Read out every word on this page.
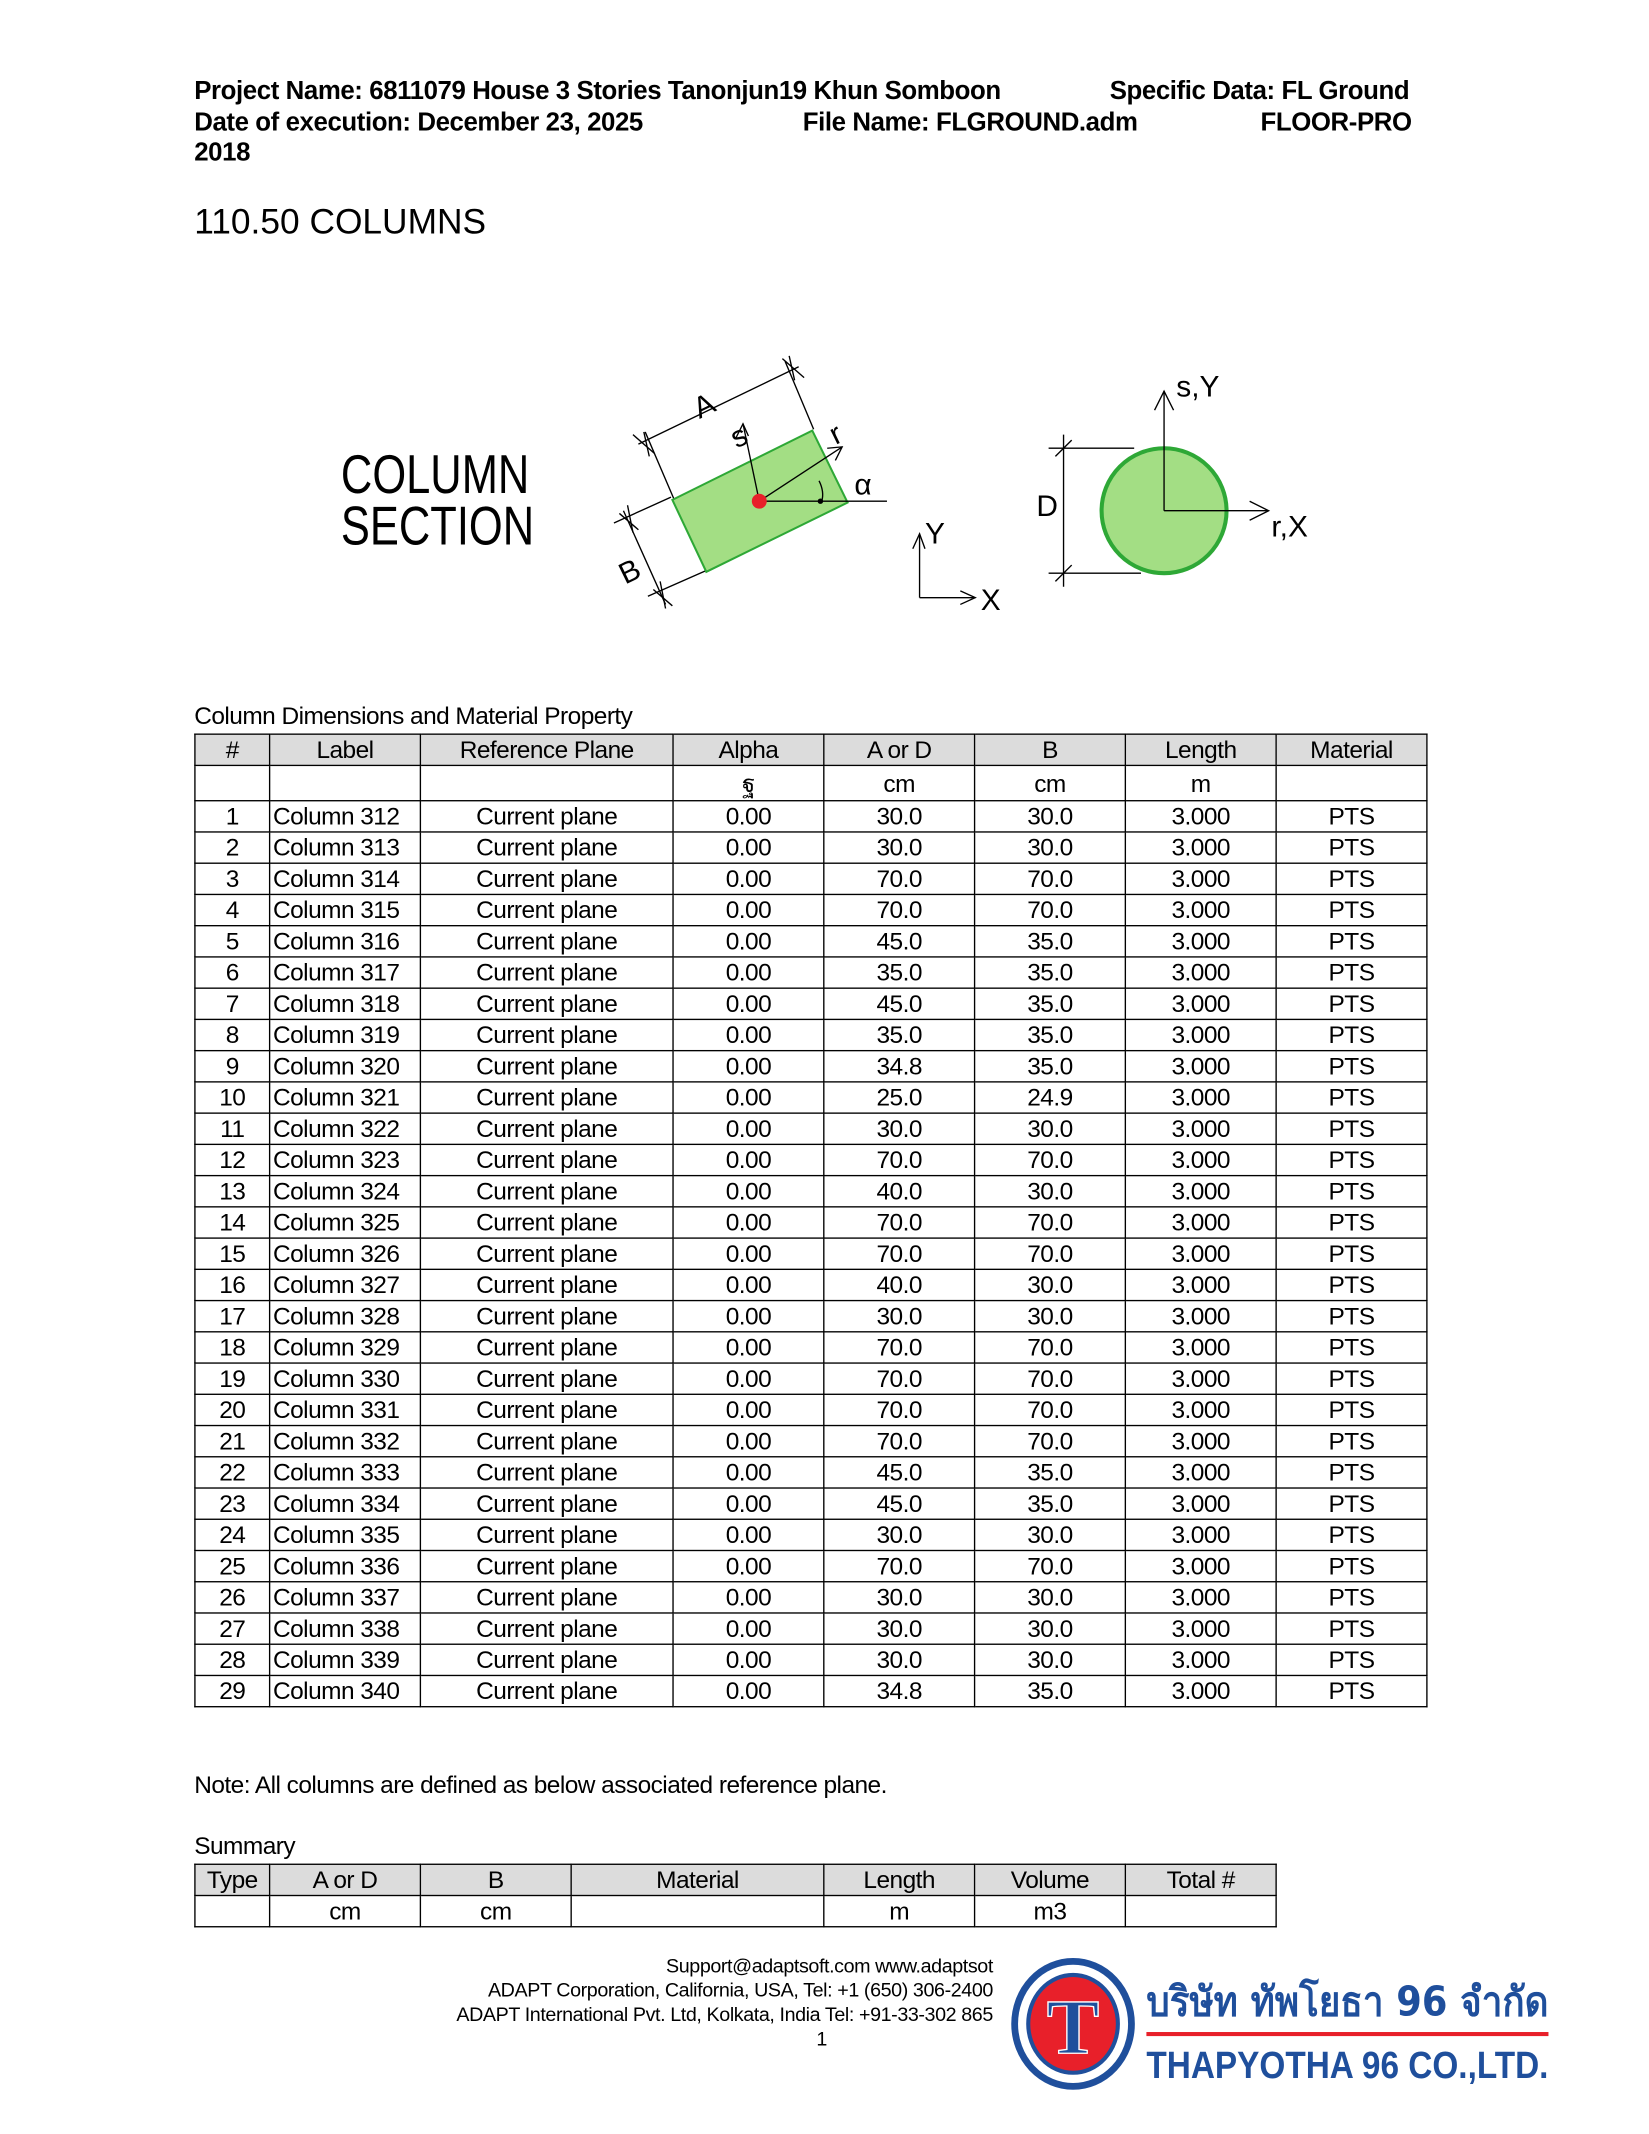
Project Name: 6811079 House 3 Stories Tanonjun19 Khun Somboon	Specific Data: FL Ground
Date of execution: December 23, 2025	File Name: FLGROUND.adm	FLOOR-PRO
2018
110.50 COLUMNS
COLUMN
SECTION
A
B
s	r
α
Y
X
s,Y
r,X
D
Column Dimensions and Material Property
#	Label	Reference Plane	Alpha	A or D	B	Length	Material
			ฐ	cm	cm	m	
1	Column 312	Current plane	0.00	30.0	30.0	3.000	PTS
2	Column 313	Current plane	0.00	30.0	30.0	3.000	PTS
3	Column 314	Current plane	0.00	70.0	70.0	3.000	PTS
4	Column 315	Current plane	0.00	70.0	70.0	3.000	PTS
5	Column 316	Current plane	0.00	45.0	35.0	3.000	PTS
6	Column 317	Current plane	0.00	35.0	35.0	3.000	PTS
7	Column 318	Current plane	0.00	45.0	35.0	3.000	PTS
8	Column 319	Current plane	0.00	35.0	35.0	3.000	PTS
9	Column 320	Current plane	0.00	34.8	35.0	3.000	PTS
10	Column 321	Current plane	0.00	25.0	24.9	3.000	PTS
11	Column 322	Current plane	0.00	30.0	30.0	3.000	PTS
12	Column 323	Current plane	0.00	70.0	70.0	3.000	PTS
13	Column 324	Current plane	0.00	40.0	30.0	3.000	PTS
14	Column 325	Current plane	0.00	70.0	70.0	3.000	PTS
15	Column 326	Current plane	0.00	70.0	70.0	3.000	PTS
16	Column 327	Current plane	0.00	40.0	30.0	3.000	PTS
17	Column 328	Current plane	0.00	30.0	30.0	3.000	PTS
18	Column 329	Current plane	0.00	70.0	70.0	3.000	PTS
19	Column 330	Current plane	0.00	70.0	70.0	3.000	PTS
20	Column 331	Current plane	0.00	70.0	70.0	3.000	PTS
21	Column 332	Current plane	0.00	70.0	70.0	3.000	PTS
22	Column 333	Current plane	0.00	45.0	35.0	3.000	PTS
23	Column 334	Current plane	0.00	45.0	35.0	3.000	PTS
24	Column 335	Current plane	0.00	30.0	30.0	3.000	PTS
25	Column 336	Current plane	0.00	70.0	70.0	3.000	PTS
26	Column 337	Current plane	0.00	30.0	30.0	3.000	PTS
27	Column 338	Current plane	0.00	30.0	30.0	3.000	PTS
28	Column 339	Current plane	0.00	30.0	30.0	3.000	PTS
29	Column 340	Current plane	0.00	34.8	35.0	3.000	PTS
Note: All columns are defined as below associated reference plane.
Summary
Type	A or D	B	Material	Length	Volume	Total #
	cm	cm		m	m3	
Support@adaptsoft.com www.adaptsot
ADAPT Corporation, California, USA, Tel: +1 (650) 306-2400
ADAPT International Pvt. Ltd, Kolkata, India Tel: +91-33-302 865
1	T บริษัท ทัพโยธา 96 จำกัด
THAPYOTHA 96 CO.,LTD.
